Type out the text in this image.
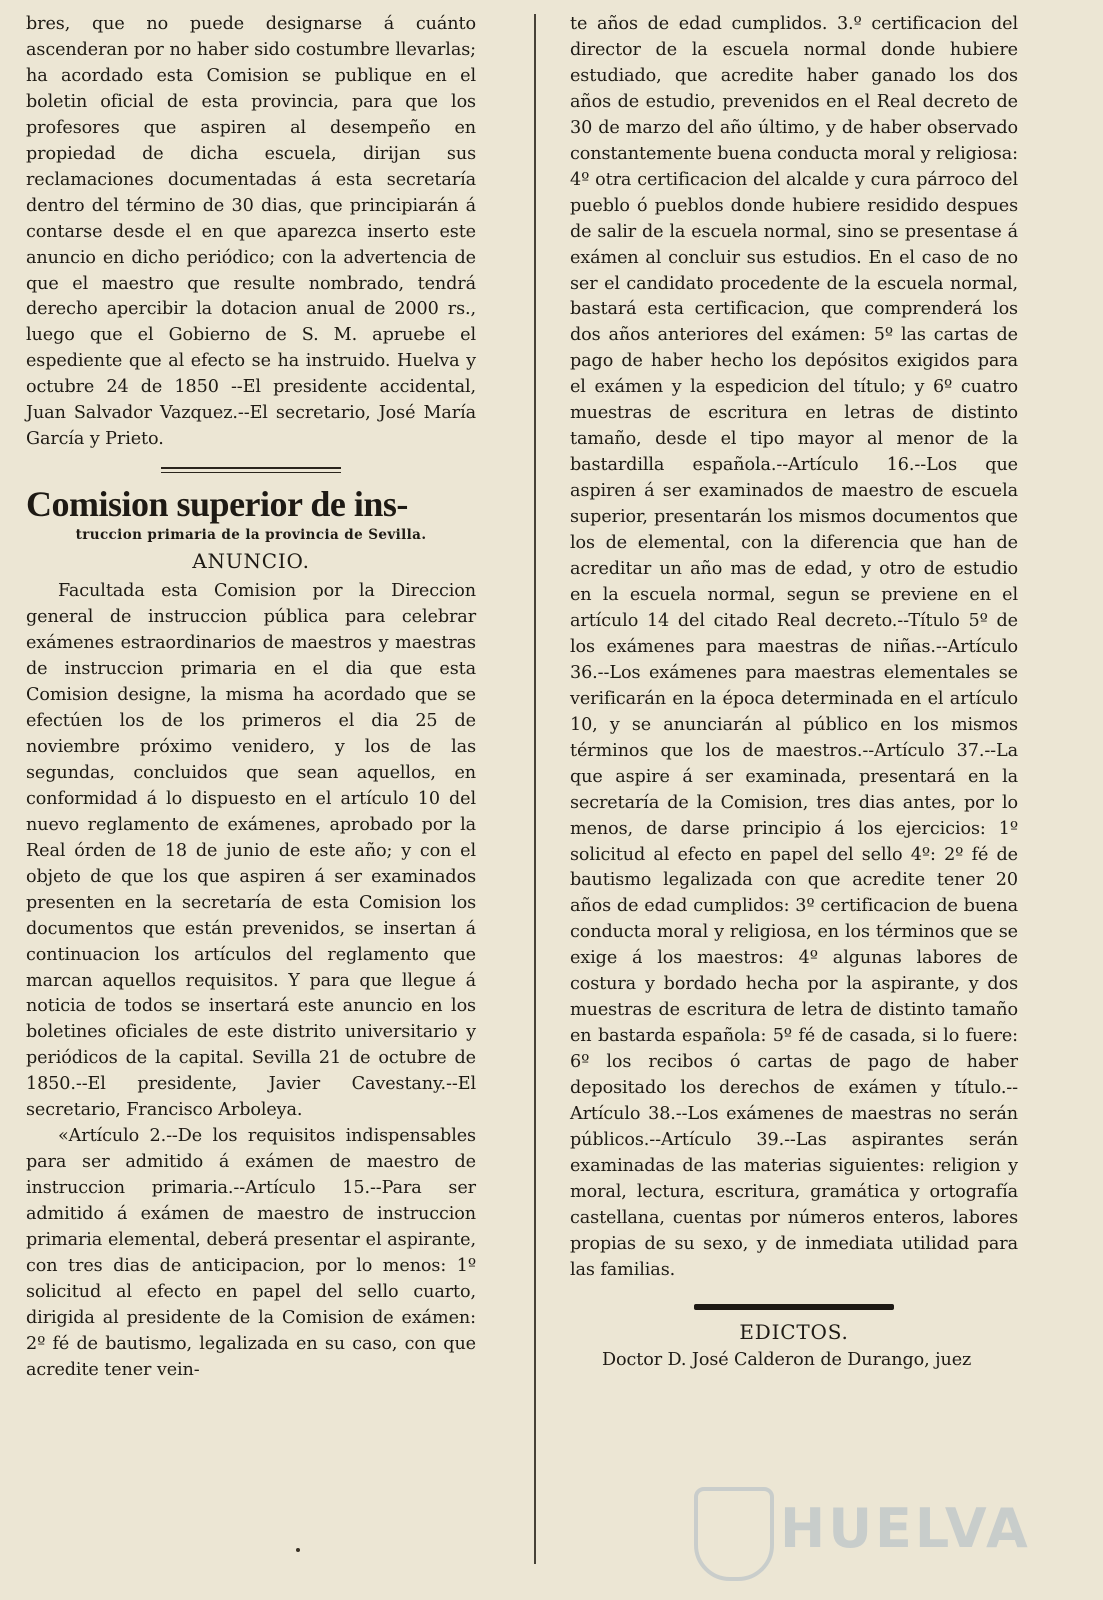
bres, que no puede designarse á cuánto ascenderan por no haber sido costumbre llevarlas; ha acordado esta Comision se publique en el boletin oficial de esta provincia, para que los profesores que aspiren al desempeño en propiedad de dicha escuela, dirijan sus reclamaciones documentadas á esta secretaría dentro del término de 30 dias, que principiarán á contarse desde el en que aparezca inserto este anuncio en dicho periódico; con la advertencia de que el maestro que resulte nombrado, tendrá derecho apercibir la dotacion anual de 2000 rs., luego que el Gobierno de S. M. apruebe el espediente que al efecto se ha instruido. Huelva y octubre 24 de 1850 --El presidente accidental, Juan Salvador Vazquez.--El secretario, José María García y Prieto.

Comision superior de ins-
truccion primaria de la provincia de Sevilla.
ANUNCIO.

Facultada esta Comision por la Direccion general de instruccion pública para celebrar exámenes estraordinarios de maestros y maestras de instruccion primaria en el dia que esta Comision designe, la misma ha acordado que se efectúen los de los primeros el dia 25 de noviembre próximo venidero, y los de las segundas, concluidos que sean aquellos, en conformidad á lo dispuesto en el artículo 10 del nuevo reglamento de exámenes, aprobado por la Real órden de 18 de junio de este año; y con el objeto de que los que aspiren á ser examinados presenten en la secretaría de esta Comision los documentos que están prevenidos, se insertan á continuacion los artículos del reglamento que marcan aquellos requisitos. Y para que llegue á noticia de todos se insertará este anuncio en los boletines oficiales de este distrito universitario y periódicos de la capital. Sevilla 21 de octubre de 1850.--El presidente, Javier Cavestany.--El secretario, Francisco Arboleya.

«Artículo 2.--De los requisitos indispensables para ser admitido á exámen de maestro de instruccion primaria.--Artículo 15.--Para ser admitido á exámen de maestro de instruccion primaria elemental, deberá presentar el aspirante, con tres dias de anticipacion, por lo menos: 1º solicitud al efecto en papel del sello cuarto, dirigida al presidente de la Comision de exámen: 2º fé de bautismo, legalizada en su caso, con que acredite tener vein-

te años de edad cumplidos. 3.º certificacion del director de la escuela normal donde hubiere estudiado, que acredite haber ganado los dos años de estudio, prevenidos en el Real decreto de 30 de marzo del año último, y de haber observado constantemente buena conducta moral y religiosa: 4º otra certificacion del alcalde y cura párroco del pueblo ó pueblos donde hubiere residido despues de salir de la escuela normal, sino se presentase á exámen al concluir sus estudios. En el caso de no ser el candidato procedente de la escuela normal, bastará esta certificacion, que comprenderá los dos años anteriores del exámen: 5º las cartas de pago de haber hecho los depósitos exigidos para el exámen y la espedicion del título; y 6º cuatro muestras de escritura en letras de distinto tamaño, desde el tipo mayor al menor de la bastardilla española.--Artículo 16.--Los que aspiren á ser examinados de maestro de escuela superior, presentarán los mismos documentos que los de elemental, con la diferencia que han de acreditar un año mas de edad, y otro de estudio en la escuela normal, segun se previene en el artículo 14 del citado Real decreto.--Título 5º de los exámenes para maestras de niñas.--Artículo 36.--Los exámenes para maestras elementales se verificarán en la época determinada en el artículo 10, y se anunciarán al público en los mismos términos que los de maestros.--Artículo 37.--La que aspire á ser examinada, presentará en la secretaría de la Comision, tres dias antes, por lo menos, de darse principio á los ejercicios: 1º solicitud al efecto en papel del sello 4º: 2º fé de bautismo legalizada con que acredite tener 20 años de edad cumplidos: 3º certificacion de buena conducta moral y religiosa, en los términos que se exige á los maestros: 4º algunas labores de costura y bordado hecha por la aspirante, y dos muestras de escritura de letra de distinto tamaño en bastarda española: 5º fé de casada, si lo fuere: 6º los recibos ó cartas de pago de haber depositado los derechos de exámen y título.--Artículo 38.--Los exámenes de maestras no serán públicos.--Artículo 39.--Las aspirantes serán examinadas de las materias siguientes: religion y moral, lectura, escritura, gramática y ortografía castellana, cuentas por números enteros, labores propias de su sexo, y de inmediata utilidad para las familias.

EDICTOS.

Doctor D. José Calderon de Durango, juez

HUELVA
